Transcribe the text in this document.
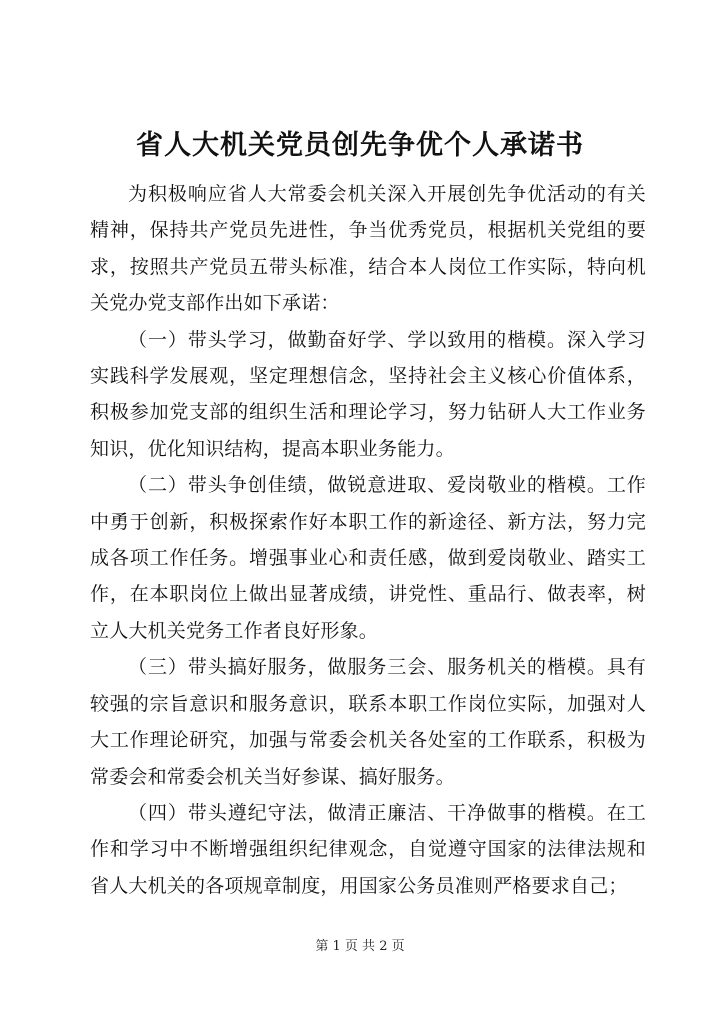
省人大机关党员创先争优个人承诺书

为积极响应省人大常委会机关深入开展创先争优活动的有关精神，保持共产党员先进性，争当优秀党员，根据机关党组的要求，按照共产党员五带头标准，结合本人岗位工作实际，特向机关党办党支部作出如下承诺：

（一）带头学习，做勤奋好学、学以致用的楷模。深入学习实践科学发展观，坚定理想信念，坚持社会主义核心价值体系，积极参加党支部的组织生活和理论学习，努力钻研人大工作业务知识，优化知识结构，提高本职业务能力。

（二）带头争创佳绩，做锐意进取、爱岗敬业的楷模。工作中勇于创新，积极探索作好本职工作的新途径、新方法，努力完成各项工作任务。增强事业心和责任感，做到爱岗敬业、踏实工作，在本职岗位上做出显著成绩，讲党性、重品行、做表率，树立人大机关党务工作者良好形象。

（三）带头搞好服务，做服务三会、服务机关的楷模。具有较强的宗旨意识和服务意识，联系本职工作岗位实际，加强对人大工作理论研究，加强与常委会机关各处室的工作联系，积极为常委会和常委会机关当好参谋、搞好服务。

（四）带头遵纪守法，做清正廉洁、干净做事的楷模。在工作和学习中不断增强组织纪律观念，自觉遵守国家的法律法规和省人大机关的各项规章制度，用国家公务员准则严格要求自己；

第 1 页 共 2 页
